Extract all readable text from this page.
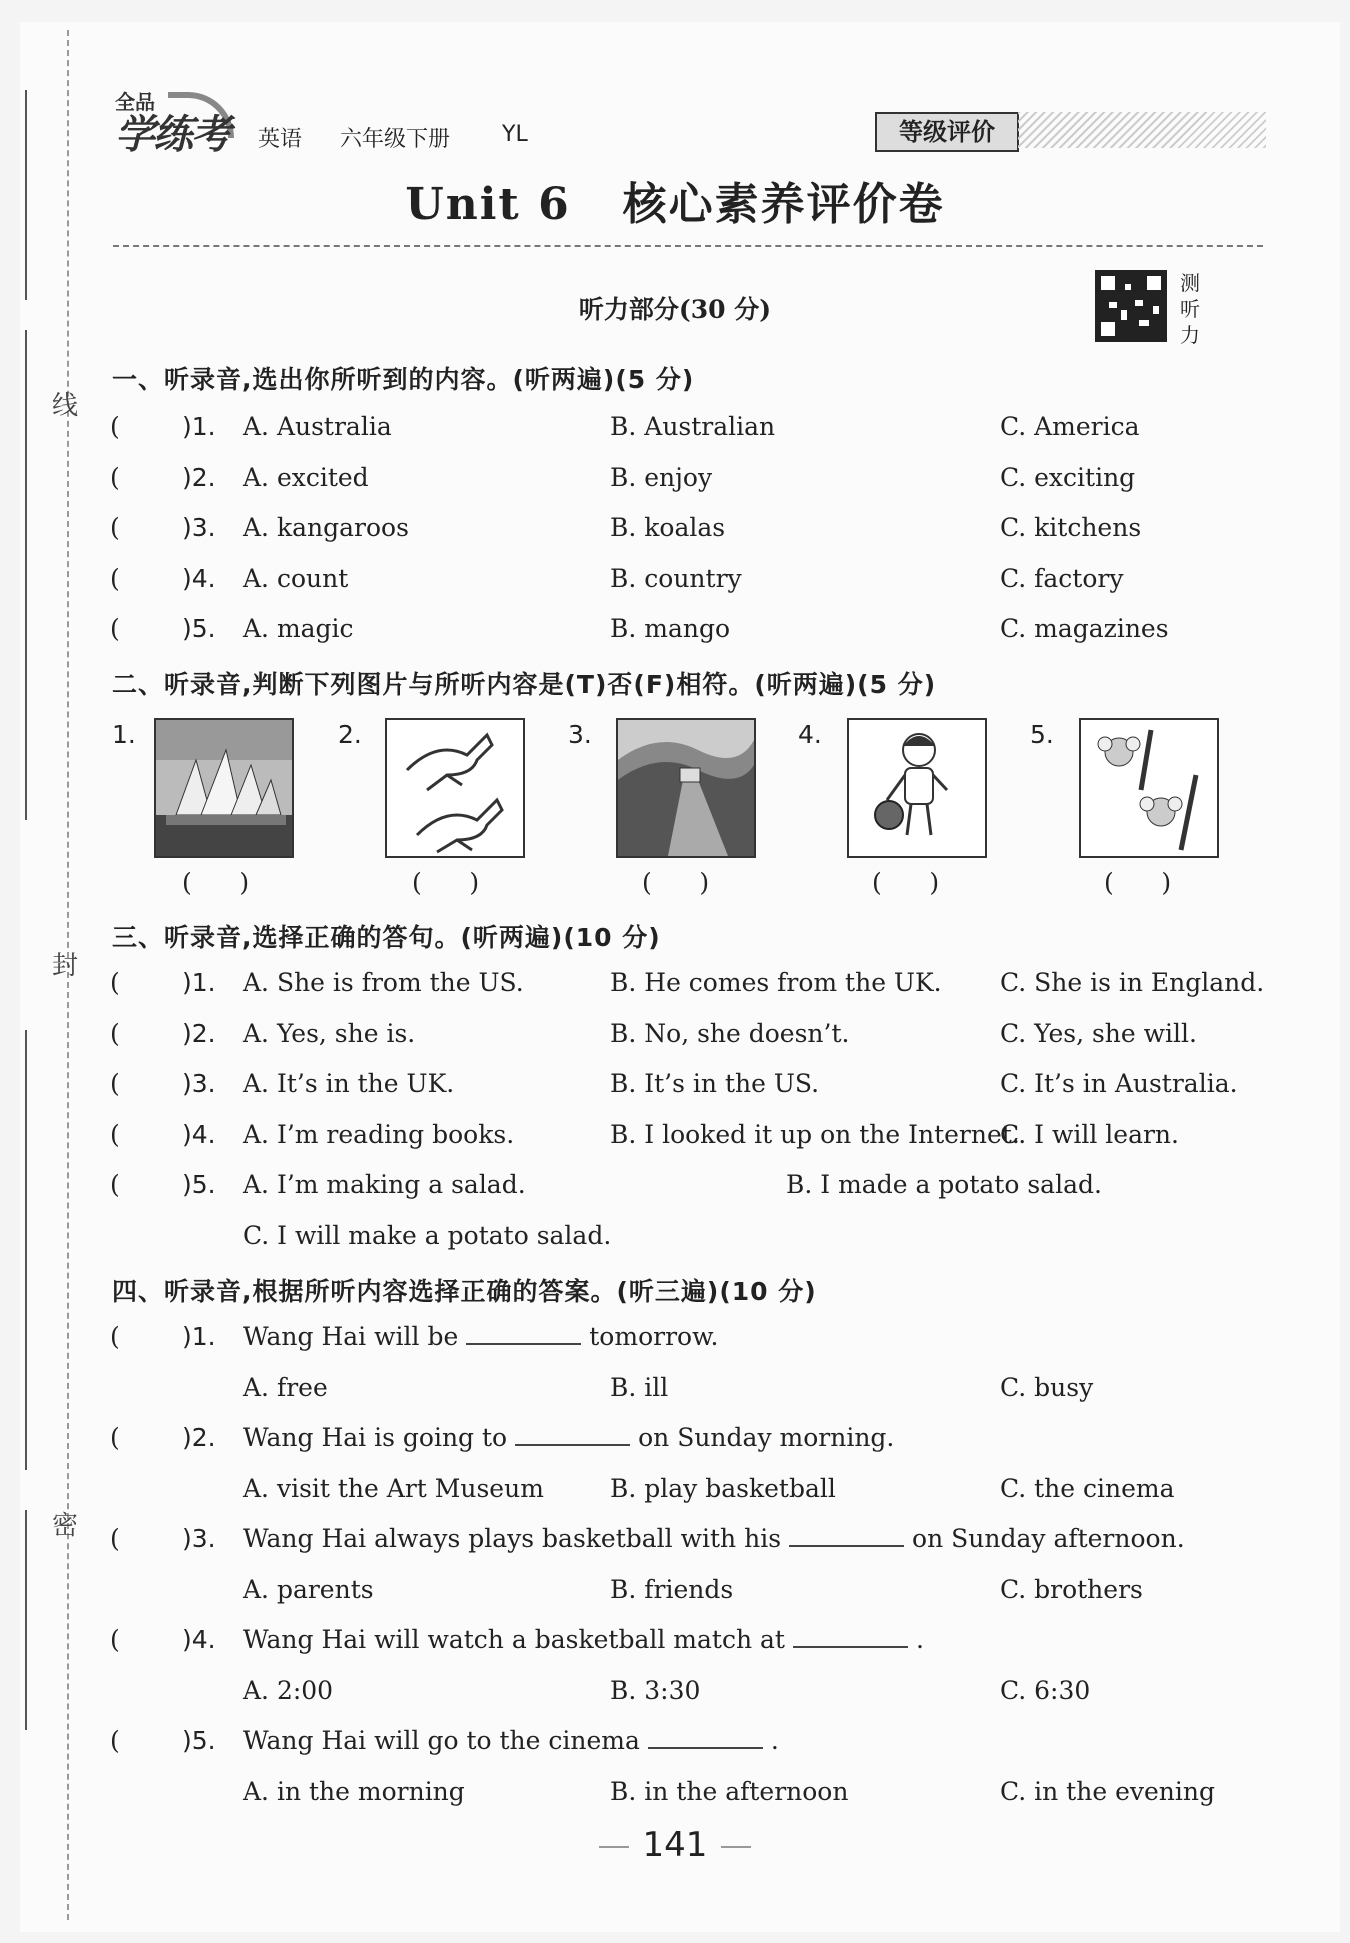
线
封
密
全品
学练考 英语 六年级下册 YL	等级评价
Unit 6   核心素养评价卷
听力部分(30 分)
测
听
力
一、听录音,选出你所听到的内容。(听两遍)(5 分)
二、听录音,判断下列图片与所听内容是(T)否(F)相符。(听两遍)(5 分)
1.
(      )
2.
(      )
3.
(      )
4.
(      )
5.
(      )
三、听录音,选择正确的答句。(听两遍)(10 分)
四、听录音,根据所听内容选择正确的答案。(听三遍)(10 分)
141
( )1. A. Australia	B. Australian	C. America
( )2. A. excited	B. enjoy	C. exciting
( )3. A. kangaroos	B. koalas	C. kitchens
( )4. A. count	B. country	C. factory
( )5. A. magic	B. mango	C. magazines
( )1. A. She is from the US.	B. He comes from the UK. C. She is in England.
( )2. A. Yes, she is.	B. No, she doesn’t.	C. Yes, she will.
( )3. A. It’s in the UK.	B. It’s in the US.	C. It’s in Australia.
( )4. A. I’m reading books.	B. I looked it up on the Internet.
C. I will learn.
( )5. A. I’m making a salad.	B. I made a potato salad.
C. I will make a potato salad.
( )1. Wang Hai will be	tomorrow.
A. free	B. ill	C. busy
( )2. Wang Hai is going to	on Sunday morning.
A. visit the Art Museum	B. play basketball	C. the cinema
( )3. Wang Hai always plays basketball with his	on Sunday afternoon.
A. parents	B. friends	C. brothers
( )4. Wang Hai will watch a basketball match at	.
A. 2:00	B. 3:30	C. 6:30
( )5. Wang Hai will go to the cinema	.
A. in the morning	B. in the afternoon	C. in the evening
